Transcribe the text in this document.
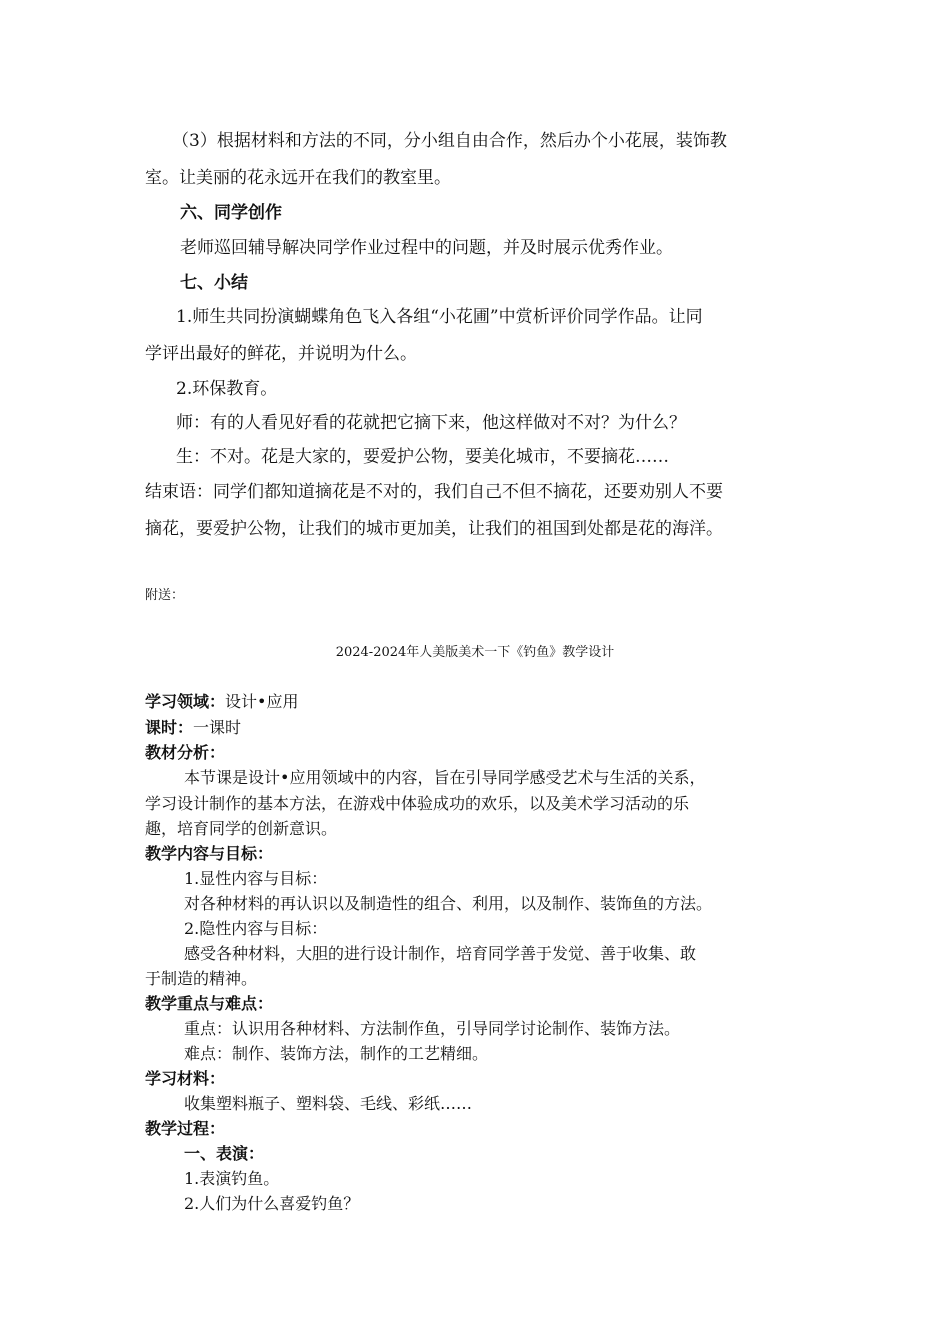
（3）根据材料和方法的不同，分小组自由合作，然后办个小花展，装饰教

室。让美丽的花永远开在我们的教室里。

六、同学创作

老师巡回辅导解决同学作业过程中的问题，并及时展示优秀作业。

七、小结

1.师生共同扮演蝴蝶角色飞入各组“小花圃”中赏析评价同学作品。让同

学评出最好的鲜花，并说明为什么。

2.环保教育。

师：有的人看见好看的花就把它摘下来，他这样做对不对？为什么？

生：不对。花是大家的，要爱护公物，要美化城市，不要摘花……

结束语：同学们都知道摘花是不对的，我们自己不但不摘花，还要劝别人不要

摘花，要爱护公物，让我们的城市更加美，让我们的祖国到处都是花的海洋。

附送：

2024-2024年人美版美术一下《钓鱼》教学设计

学习领域：设计•应用

课时：一课时

教材分析：

本节课是设计•应用领域中的内容，旨在引导同学感受艺术与生活的关系，

学习设计制作的基本方法，在游戏中体验成功的欢乐，以及美术学习活动的乐

趣，培育同学的创新意识。

教学内容与目标：

1.显性内容与目标：

对各种材料的再认识以及制造性的组合、利用，以及制作、装饰鱼的方法。

2.隐性内容与目标：

感受各种材料，大胆的进行设计制作，培育同学善于发觉、善于收集、敢

于制造的精神。

教学重点与难点：

重点：认识用各种材料、方法制作鱼，引导同学讨论制作、装饰方法。

难点：制作、装饰方法，制作的工艺精细。

学习材料：

收集塑料瓶子、塑料袋、毛线、彩纸……

教学过程：

一、表演：

1.表演钓鱼。

2.人们为什么喜爱钓鱼？
